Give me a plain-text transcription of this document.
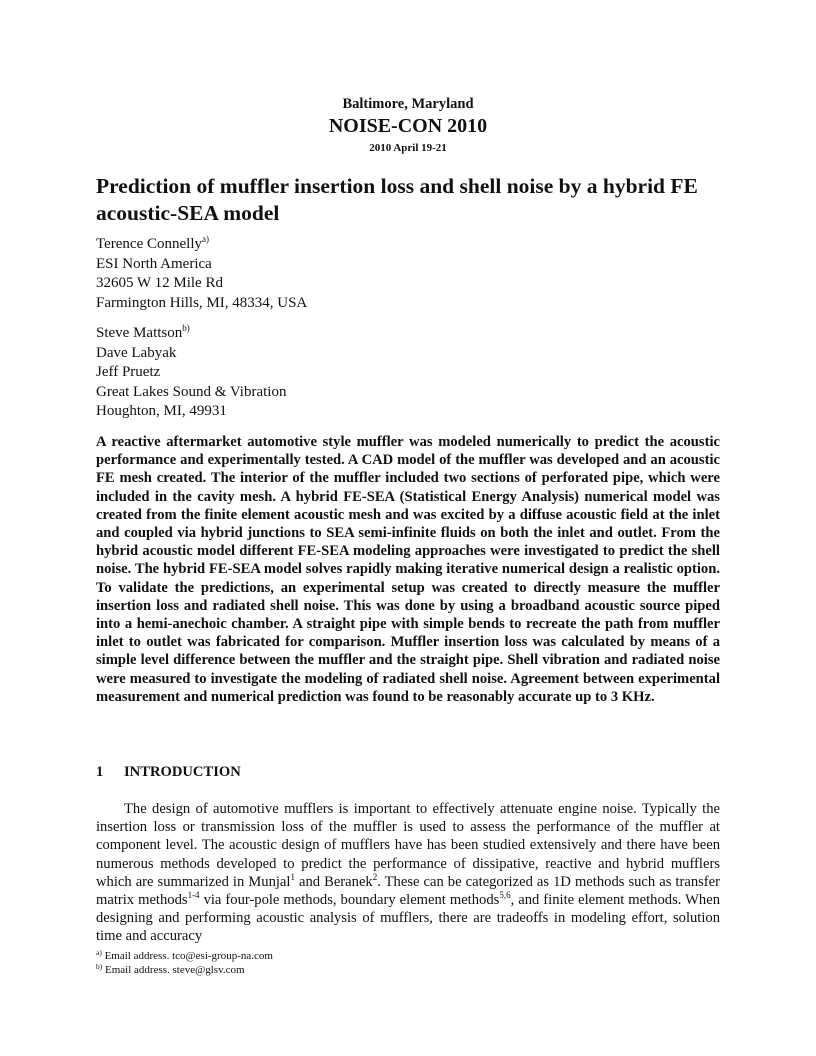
Baltimore, Maryland
NOISE-CON 2010
2010 April 19-21
Prediction of muffler insertion loss and shell noise by a hybrid FE acoustic-SEA model
Terence Connelly$^{a)}$
ESI North America
32605 W 12 Mile Rd
Farmington Hills, MI, 48334, USA
Steve Mattson$^{b)}$
Dave Labyak
Jeff Pruetz
Great Lakes Sound & Vibration
Houghton, MI, 49931

A reactive aftermarket automotive style muffler was modeled numerically to predict the acoustic performance and experimentally tested. A CAD model of the muffler was developed and an acoustic FE mesh created. The interior of the muffler included two sections of perforated pipe, which were included in the cavity mesh. A hybrid FE-SEA (Statistical Energy Analysis) numerical model was created from the finite element acoustic mesh and was excited by a diffuse acoustic field at the inlet and coupled via hybrid junctions to SEA semi-infinite fluids on both the inlet and outlet. From the hybrid acoustic model different FE-SEA modeling approaches were investigated to predict the shell noise. The hybrid FE-SEA model solves rapidly making iterative numerical design a realistic option. To validate the predictions, an experimental setup was created to directly measure the muffler insertion loss and radiated shell noise. This was done by using a broadband acoustic source piped into a hemi-anechoic chamber. A straight pipe with simple bends to recreate the path from muffler inlet to outlet was fabricated for comparison. Muffler insertion loss was calculated by means of a simple level difference between the muffler and the straight pipe. Shell vibration and radiated noise were measured to investigate the modeling of radiated shell noise. Agreement between experimental measurement and numerical prediction was found to be reasonably accurate up to 3 KHz.

1 INTRODUCTION

The design of automotive mufflers is important to effectively attenuate engine noise. Typically the insertion loss or transmission loss of the muffler is used to assess the performance of the muffler at component level. The acoustic design of mufflers have has been studied extensively and there have been numerous methods developed to predict the performance of dissipative, reactive and hybrid mufflers which are summarized in Munjal$^1$ and Beranek$^2$. These can be categorized as 1D methods such as transfer matrix methods$^{1-4}$ via four-pole methods, boundary element methods$^{5,6}$, and finite element methods. When designing and performing acoustic analysis of mufflers, there are tradeoffs in modeling effort, solution time and accuracy

$^{a)}$ Email address. tco@esi-group-na.com
$^{b)}$ Email address. steve@glsv.com
